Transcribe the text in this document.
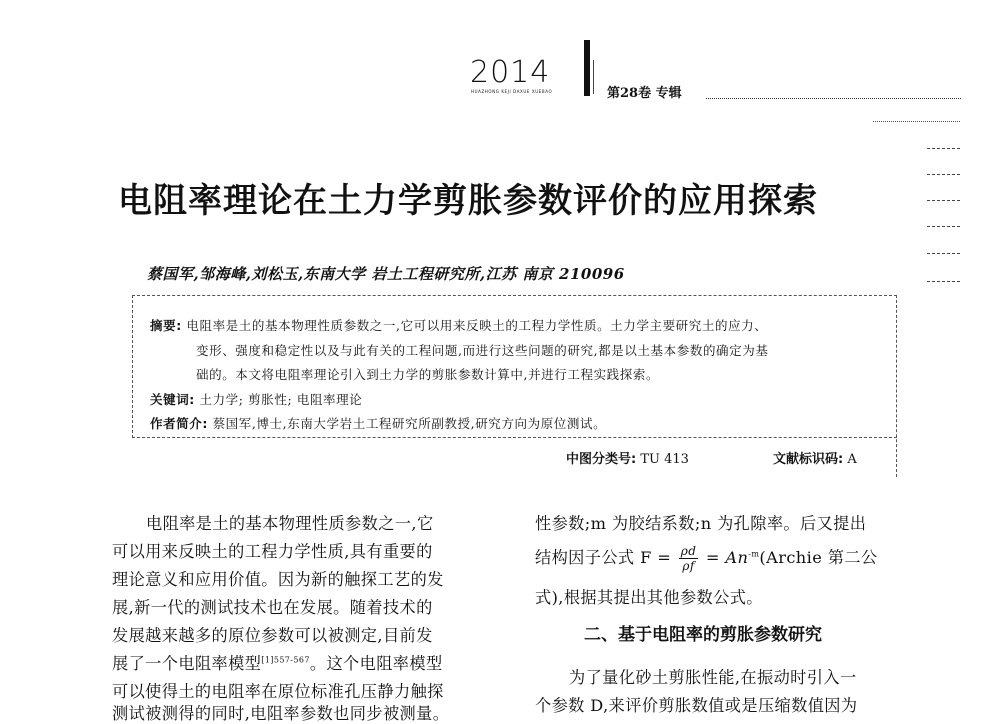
2014
HUAZHONG KEJI DAXUE XUEBAO	第28卷 专辑
电阻率理论在土力学剪胀参数评价的应用探索
蔡国军,邹海峰,刘松玉,东南大学 岩土工程研究所,江苏 南京 210096
摘要: 电阻率是土的基本物理性质参数之一,它可以用来反映土的工程力学性质。土力学主要研究土的应力、
变形、强度和稳定性以及与此有关的工程问题,而进行这些问题的研究,都是以土基本参数的确定为基
础的。本文将电阻率理论引入到土力学的剪胀参数计算中,并进行工程实践探索。
关键词: 土力学; 剪胀性; 电阻率理论
作者简介: 蔡国军,博士,东南大学岩土工程研究所副教授,研究方向为原位测试。
中图分类号: TU 413	文献标识码: A
电阻率是土的基本物理性质参数之一,它
可以用来反映土的工程力学性质,具有重要的
理论意义和应用价值。因为新的触探工艺的发
展,新一代的测试技术也在发展。随着技术的
发展越来越多的原位参数可以被测定,目前发
展了一个电阻率模型$^{[1]557-567}$。这个电阻率模型
可以使得土的电阻率在原位标准孔压静力触探
测试被测得的同时,电阻率参数也同步被测量。
性参数;m 为胶结系数;n 为孔隙率。后又提出
结构因子公式 $F = \frac{\rho d}{\rho f}$ = $An^{-m}(Archie$ 第二公
式),根据其提出其他参数公式。
二、基于电阻率的剪胀参数研究
为了量化砂土剪胀性能,在振动时引入一
个参数 D,来评价剪胀数值或是压缩数值因为
